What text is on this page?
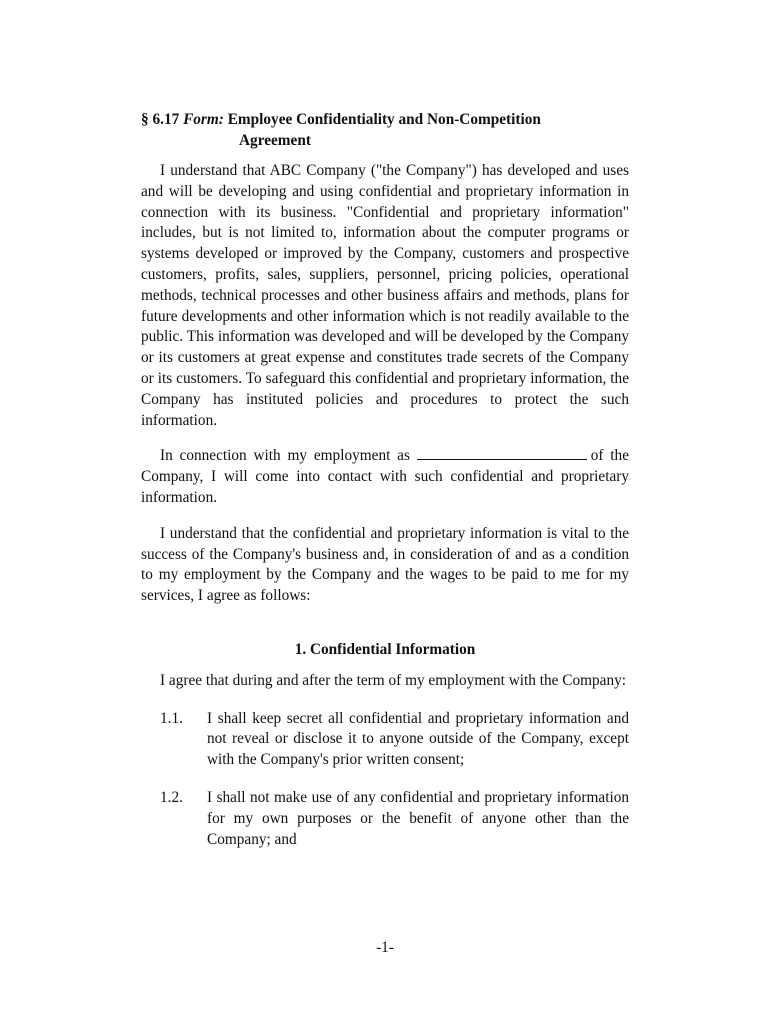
§ 6.17 Form: Employee Confidentiality and Non-Competition
Agreement

I understand that ABC Company ("the Company") has developed and uses and will be developing and using confidential and proprietary information in connection with its business. "Confidential and proprietary information" includes, but is not limited to, information about the computer programs or systems developed or improved by the Company, customers and prospective customers, profits, sales, suppliers, personnel, pricing policies, operational methods, technical processes and other business affairs and methods, plans for future developments and other information which is not readily available to the public. This information was developed and will be developed by the Company or its customers at great expense and constitutes trade secrets of the Company or its customers. To safeguard this confidential and proprietary information, the Company has instituted policies and procedures to protect the such information.

In connection with my employment as	of the Company, I will come into contact with such confidential and proprietary information.

I understand that the confidential and proprietary information is vital to the success of the Company's business and, in consideration of and as a condition to my employment by the Company and the wages to be paid to me for my services, I agree as follows:

1. Confidential Information

I agree that during and after the term of my employment with the Company:

1.1.	I shall keep secret all confidential and proprietary information and not reveal or disclose it to anyone outside of the Company, except with the Company's prior written consent;
1.2.	I shall not make use of any confidential and proprietary information for my own purposes or the benefit of anyone other than the Company; and
-1-
